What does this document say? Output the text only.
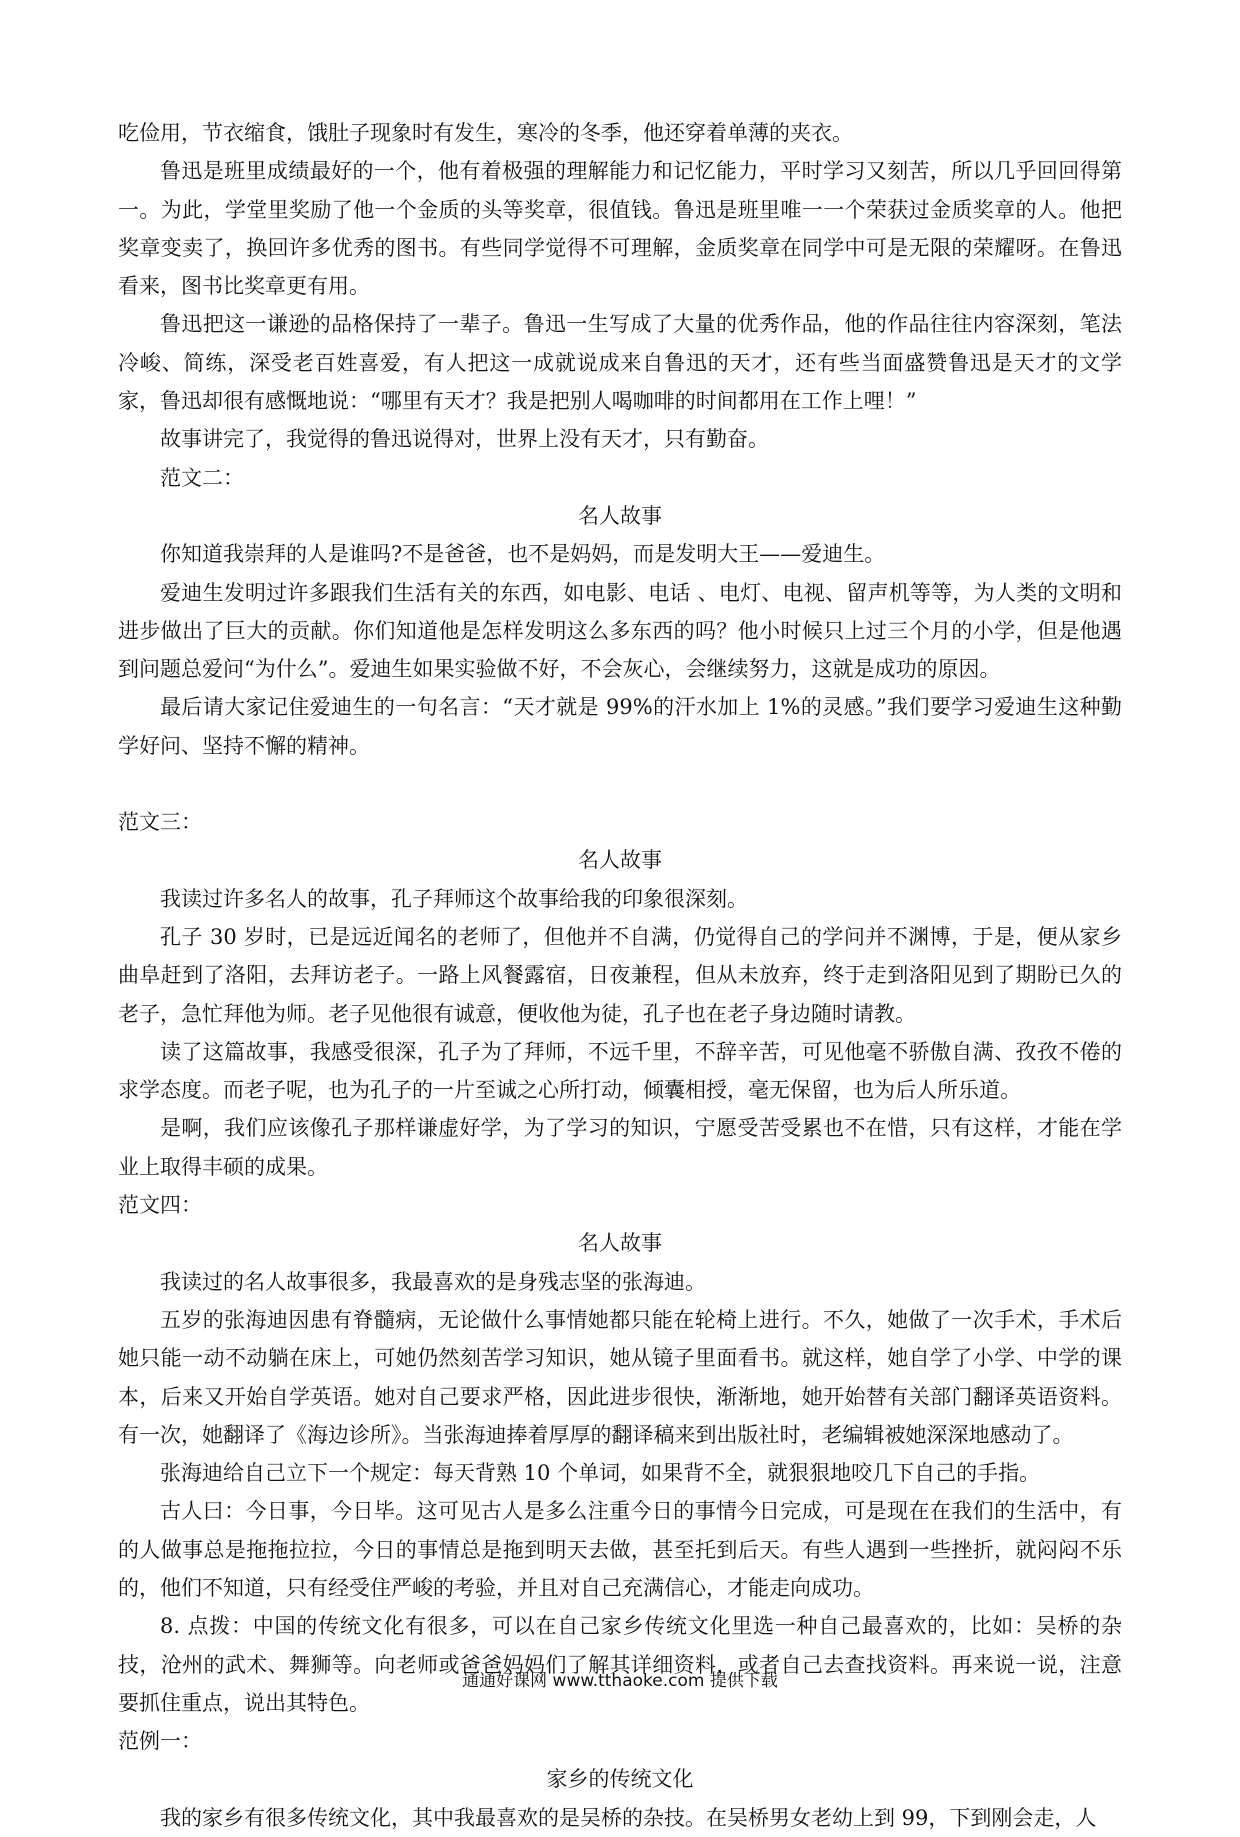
吃俭用，节衣缩食，饿肚子现象时有发生，寒冷的冬季，他还穿着单薄的夹衣。
鲁迅是班里成绩最好的一个，他有着极强的理解能力和记忆能力，平时学习又刻苦，所以几乎回回得第一。为此，学堂里奖励了他一个金质的头等奖章，很值钱。鲁迅是班里唯一一个荣获过金质奖章的人。他把奖章变卖了，换回许多优秀的图书。有些同学觉得不可理解，金质奖章在同学中可是无限的荣耀呀。在鲁迅看来，图书比奖章更有用。
鲁迅把这一谦逊的品格保持了一辈子。鲁迅一生写成了大量的优秀作品，他的作品往往内容深刻，笔法冷峻、简练，深受老百姓喜爱，有人把这一成就说成来自鲁迅的天才，还有些当面盛赞鲁迅是天才的文学家，鲁迅却很有感慨地说：“哪里有天才？我是把别人喝咖啡的时间都用在工作上哩！”
故事讲完了，我觉得的鲁迅说得对，世界上没有天才，只有勤奋。
范文二：
名人故事
你知道我崇拜的人是谁吗?不是爸爸，也不是妈妈，而是发明大王——爱迪生。
爱迪生发明过许多跟我们生活有关的东西，如电影、电话 、电灯、电视、留声机等等，为人类的文明和进步做出了巨大的贡献。你们知道他是怎样发明这么多东西的吗？他小时候只上过三个月的小学，但是他遇到问题总爱问“为什么”。爱迪生如果实验做不好，不会灰心，会继续努力，这就是成功的原因。
最后请大家记住爱迪生的一句名言：“天才就是 99%的汗水加上 1%的灵感。”我们要学习爱迪生这种勤学好问、坚持不懈的精神。
范文三：
名人故事
我读过许多名人的故事，孔子拜师这个故事给我的印象很深刻。
孔子 30 岁时，已是远近闻名的老师了，但他并不自满，仍觉得自己的学问并不渊博，于是，便从家乡曲阜赶到了洛阳，去拜访老子。一路上风餐露宿，日夜兼程，但从未放弃，终于走到洛阳见到了期盼已久的老子，急忙拜他为师。老子见他很有诚意，便收他为徒，孔子也在老子身边随时请教。
读了这篇故事，我感受很深，孔子为了拜师，不远千里，不辞辛苦，可见他毫不骄傲自满、孜孜不倦的求学态度。而老子呢，也为孔子的一片至诚之心所打动，倾囊相授，毫无保留，也为后人所乐道。
是啊，我们应该像孔子那样谦虚好学，为了学习的知识，宁愿受苦受累也不在惜，只有这样，才能在学业上取得丰硕的成果。
范文四：
名人故事
我读过的名人故事很多，我最喜欢的是身残志坚的张海迪。
五岁的张海迪因患有脊髓病，无论做什么事情她都只能在轮椅上进行。不久，她做了一次手术，手术后她只能一动不动躺在床上，可她仍然刻苦学习知识，她从镜子里面看书。就这样，她自学了小学、中学的课本，后来又开始自学英语。她对自己要求严格，因此进步很快，渐渐地，她开始替有关部门翻译英语资料。有一次，她翻译了《海边诊所》。当张海迪捧着厚厚的翻译稿来到出版社时，老编辑被她深深地感动了。
张海迪给自己立下一个规定：每天背熟 10 个单词，如果背不全，就狠狠地咬几下自己的手指。
古人曰：今日事，今日毕。这可见古人是多么注重今日的事情今日完成，可是现在在我们的生活中，有的人做事总是拖拖拉拉，今日的事情总是拖到明天去做，甚至托到后天。有些人遇到一些挫折，就闷闷不乐的，他们不知道，只有经受住严峻的考验，并且对自己充满信心，才能走向成功。
8. 点拨：中国的传统文化有很多，可以在自己家乡传统文化里选一种自己最喜欢的，比如：吴桥的杂技，沧州的武术、舞狮等。向老师或爸爸妈妈们了解其详细资料，或者自己去查找资料。再来说一说，注意要抓住重点，说出其特色。
范例一：
家乡的传统文化
我的家乡有很多传统文化，其中我最喜欢的是吴桥的杂技。在吴桥男女老幼上到 99，下到刚会走，人
通通好课网 www.tthaoke.com 提供下载
